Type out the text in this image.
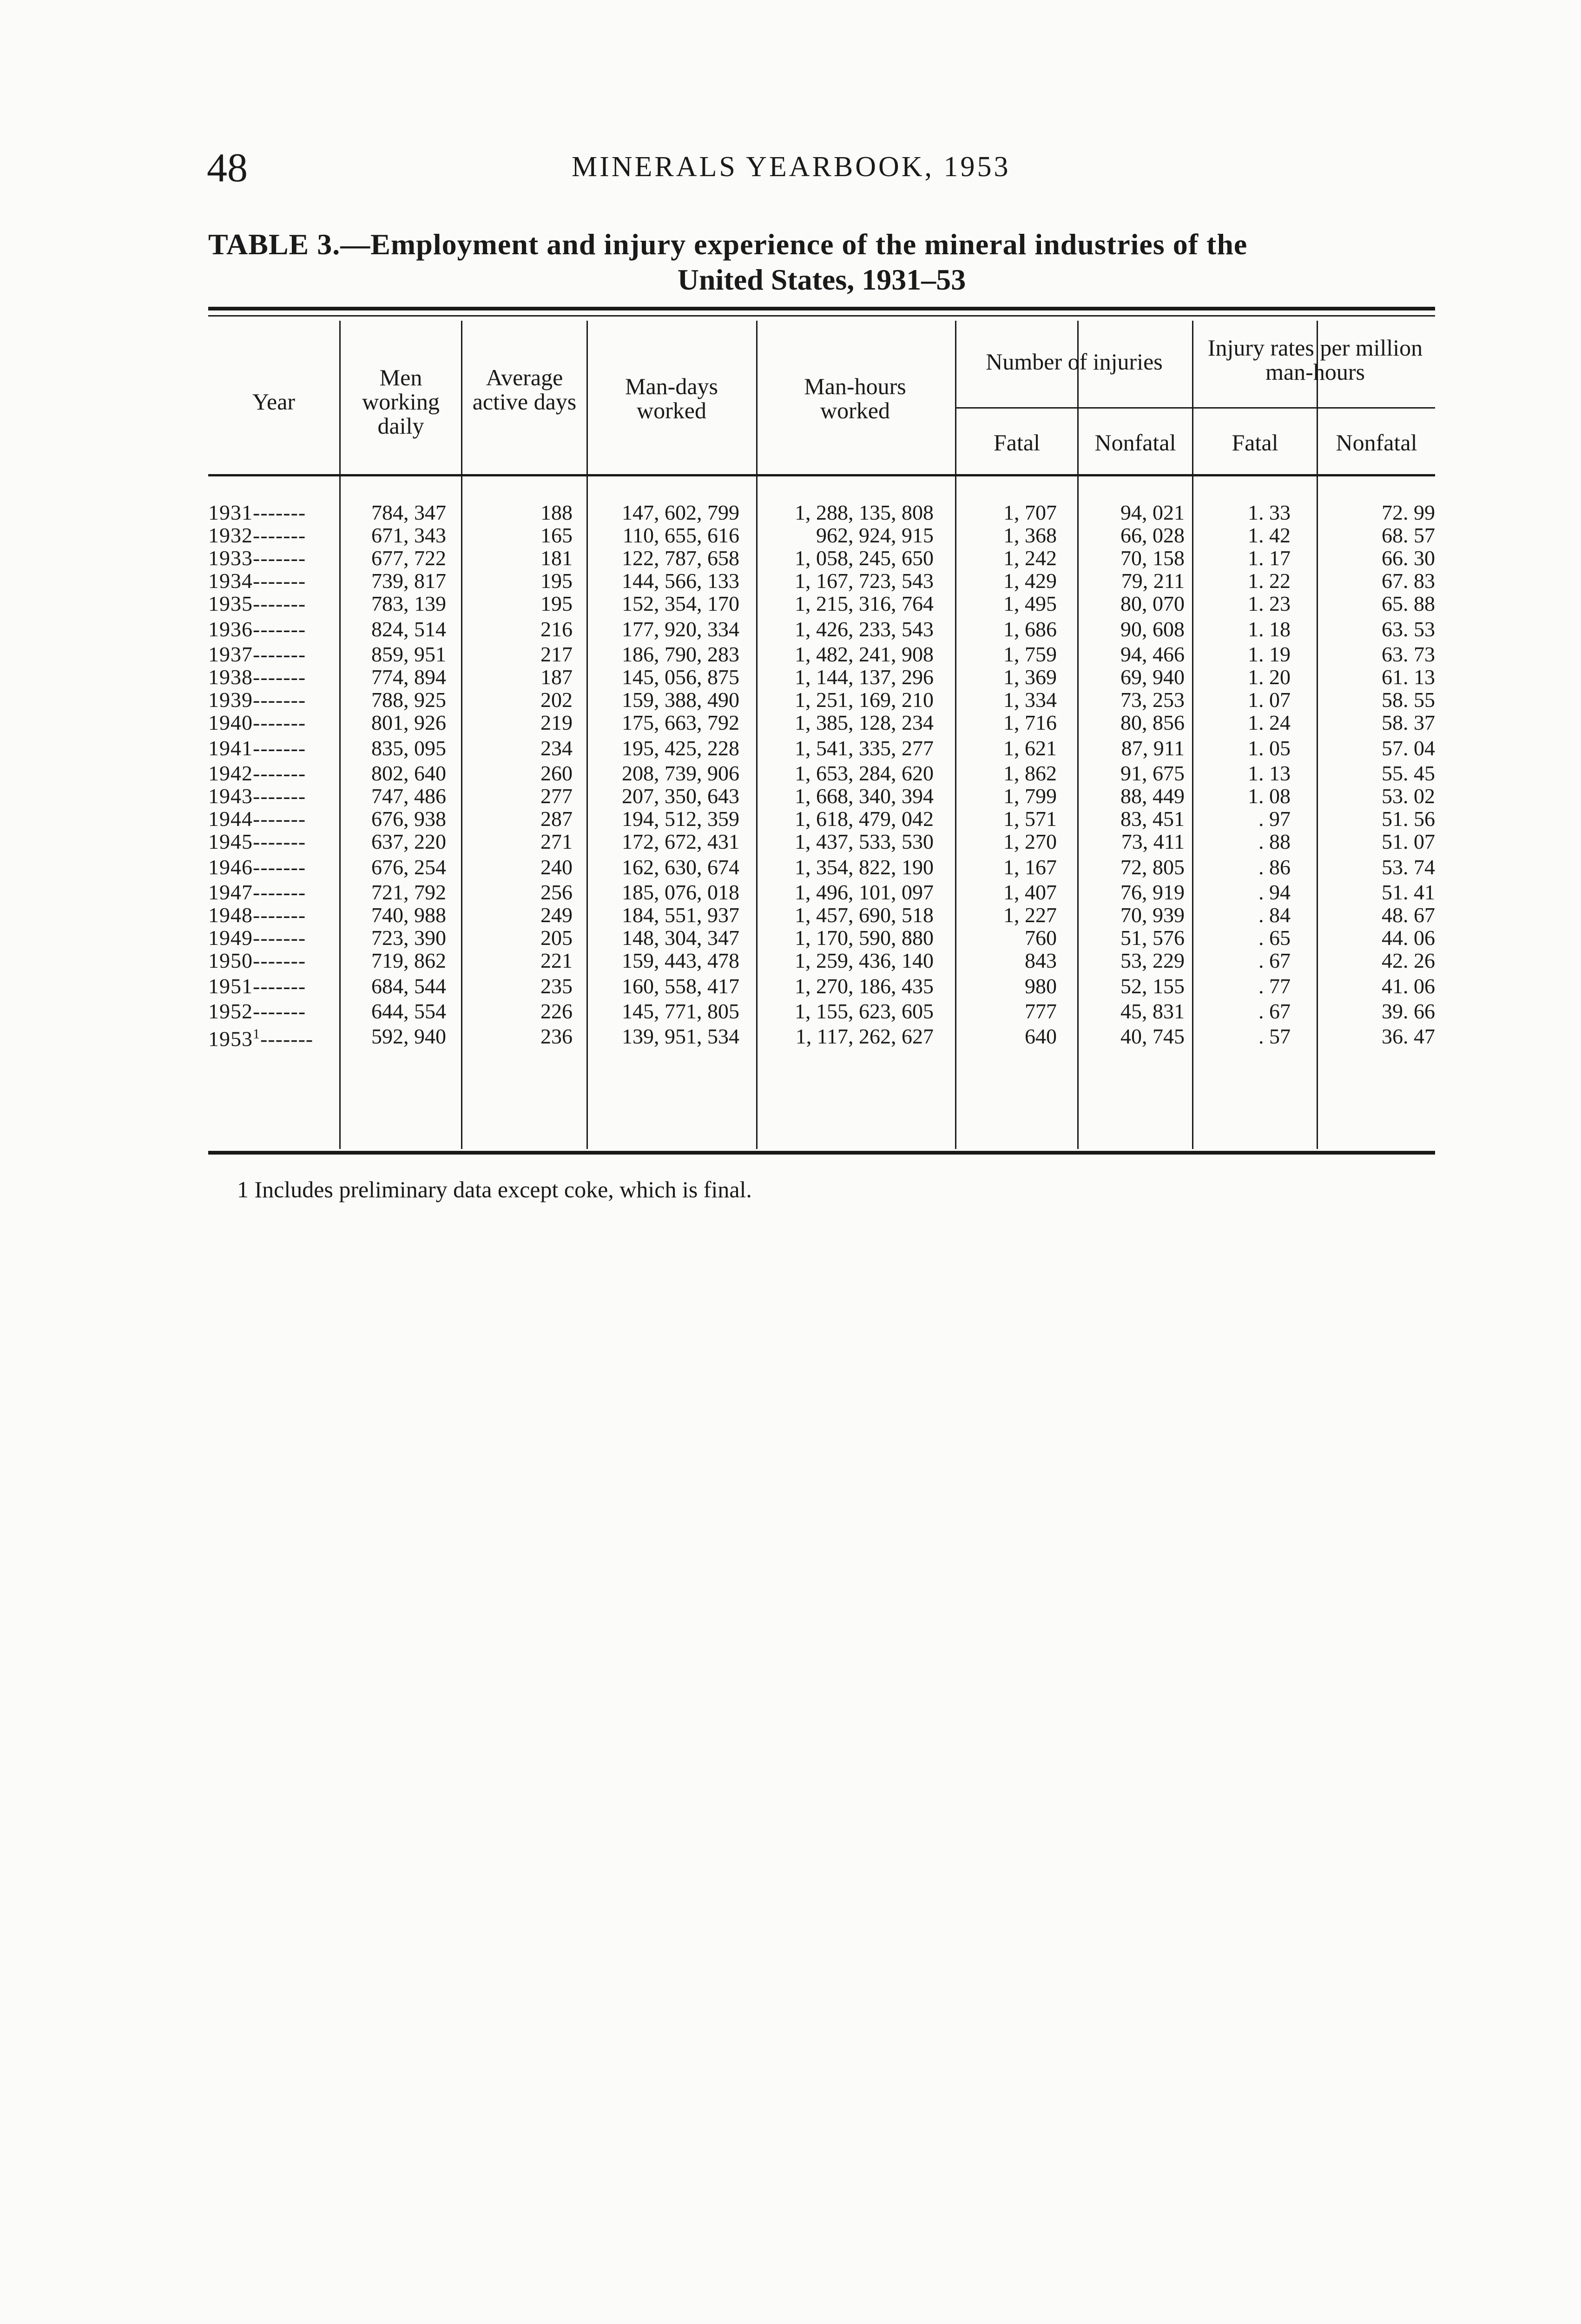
48	MINERALS YEARBOOK, 1953
TABLE 3.—Employment and injury experience of the mineral industries of the
United States, 1931–53
Year
Men working daily
Average active days
Man-days worked
Man-hours worked
Number of injuries
Injury rates per million man-hours
Fatal	Nonfatal	Fatal	Nonfatal
1931-------	784, 347	188	147, 602, 799	1, 288, 135, 808	1, 707	94, 021	1. 33	72. 99
1932-------	671, 343	165	110, 655, 616	962, 924, 915	1, 368	66, 028	1. 42	68. 57
1933-------	677, 722	181	122, 787, 658	1, 058, 245, 650	1, 242	70, 158	1. 17	66. 30
1934-------	739, 817	195	144, 566, 133	1, 167, 723, 543	1, 429	79, 211	1. 22	67. 83
1935-------	783, 139	195	152, 354, 170	1, 215, 316, 764	1, 495	80, 070	1. 23	65. 88
1936-------	824, 514	216	177, 920, 334	1, 426, 233, 543	1, 686	90, 608	1. 18	63. 53
1937-------	859, 951	217	186, 790, 283	1, 482, 241, 908	1, 759	94, 466	1. 19	63. 73
1938-------	774, 894	187	145, 056, 875	1, 144, 137, 296	1, 369	69, 940	1. 20	61. 13
1939-------	788, 925	202	159, 388, 490	1, 251, 169, 210	1, 334	73, 253	1. 07	58. 55
1940-------	801, 926	219	175, 663, 792	1, 385, 128, 234	1, 716	80, 856	1. 24	58. 37
1941-------	835, 095	234	195, 425, 228	1, 541, 335, 277	1, 621	87, 911	1. 05	57. 04
1942-------	802, 640	260	208, 739, 906	1, 653, 284, 620	1, 862	91, 675	1. 13	55. 45
1943-------	747, 486	277	207, 350, 643	1, 668, 340, 394	1, 799	88, 449	1. 08	53. 02
1944-------	676, 938	287	194, 512, 359	1, 618, 479, 042	1, 571	83, 451	. 97	51. 56
1945-------	637, 220	271	172, 672, 431	1, 437, 533, 530	1, 270	73, 411	. 88	51. 07
1946-------	676, 254	240	162, 630, 674	1, 354, 822, 190	1, 167	72, 805	. 86	53. 74
1947-------	721, 792	256	185, 076, 018	1, 496, 101, 097	1, 407	76, 919	. 94	51. 41
1948-------	740, 988	249	184, 551, 937	1, 457, 690, 518	1, 227	70, 939	. 84	48. 67
1949-------	723, 390	205	148, 304, 347	1, 170, 590, 880	760	51, 576	. 65	44. 06
1950-------	719, 862	221	159, 443, 478	1, 259, 436, 140	843	53, 229	. 67	42. 26
1951-------	684, 544	235	160, 558, 417	1, 270, 186, 435	980	52, 155	. 77	41. 06
1952-------	644, 554	226	145, 771, 805	1, 155, 623, 605	777	45, 831	. 67	39. 66
1953$^1$-------	592, 940	236	139, 951, 534	1, 117, 262, 627	640	40, 745	. 57	36. 47
1 Includes preliminary data except coke, which is final.
